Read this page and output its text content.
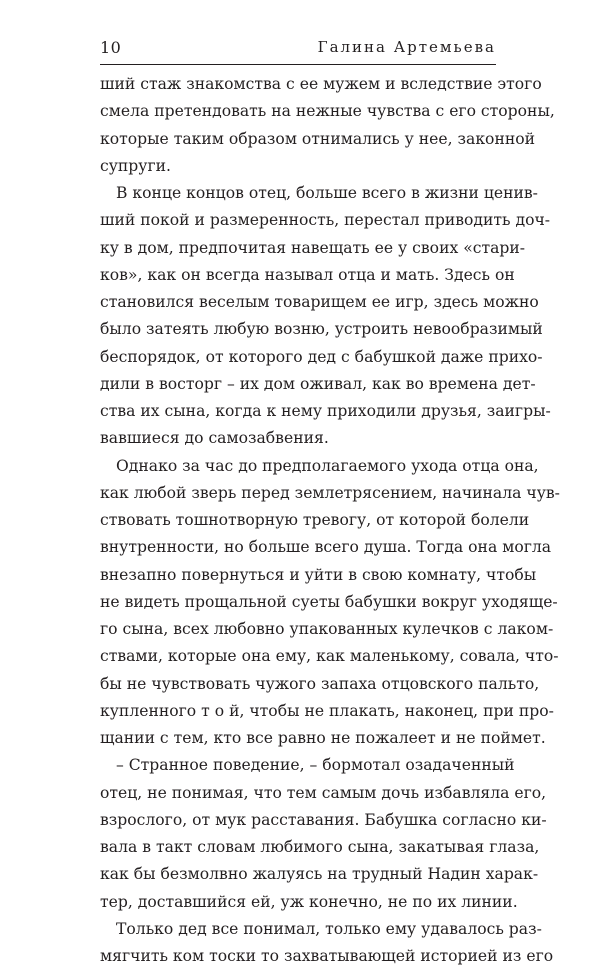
10	Галина Артемьева
ший стаж знакомства с ее мужем и вследствие этого
смела претендовать на нежные чувства с его стороны,
которые таким образом отнимались у нее, законной
супруги.
В конце концов отец, больше всего в жизни ценив-
ший покой и размеренность, перестал приводить доч-
ку в дом, предпочитая навещать ее у своих «стари-
ков», как он всегда называл отца и мать. Здесь он
становился веселым товарищем ее игр, здесь можно
было затеять любую возню, устроить невообразимый
беспорядок, от которого дед с бабушкой даже прихо-
дили в восторг – их дом оживал, как во времена дет-
ства их сына, когда к нему приходили друзья, заигры-
вавшиеся до самозабвения.
Однако за час до предполагаемого ухода отца она,
как любой зверь перед землетрясением, начинала чув-
ствовать тошнотворную тревогу, от которой болели
внутренности, но больше всего душа. Тогда она могла
внезапно повернуться и уйти в свою комнату, чтобы
не видеть прощальной суеты бабушки вокруг уходяще-
го сына, всех любовно упакованных кулечков с лаком-
ствами, которые она ему, как маленькому, совала, что-
бы не чувствовать чужого запаха отцовского пальто,
купленного т о й, чтобы не плакать, наконец, при про-
щании с тем, кто все равно не пожалеет и не поймет.
– Странное поведение, – бормотал озадаченный
отец, не понимая, что тем самым дочь избавляла его,
взрослого, от мук расставания. Бабушка согласно ки-
вала в такт словам любимого сына, закатывая глаза,
как бы безмолвно жалуясь на трудный Надин харак-
тер, доставшийся ей, уж конечно, не по их линии.
Только дед все понимал, только ему удавалось раз-
мягчить ком тоски то захватывающей историей из его
